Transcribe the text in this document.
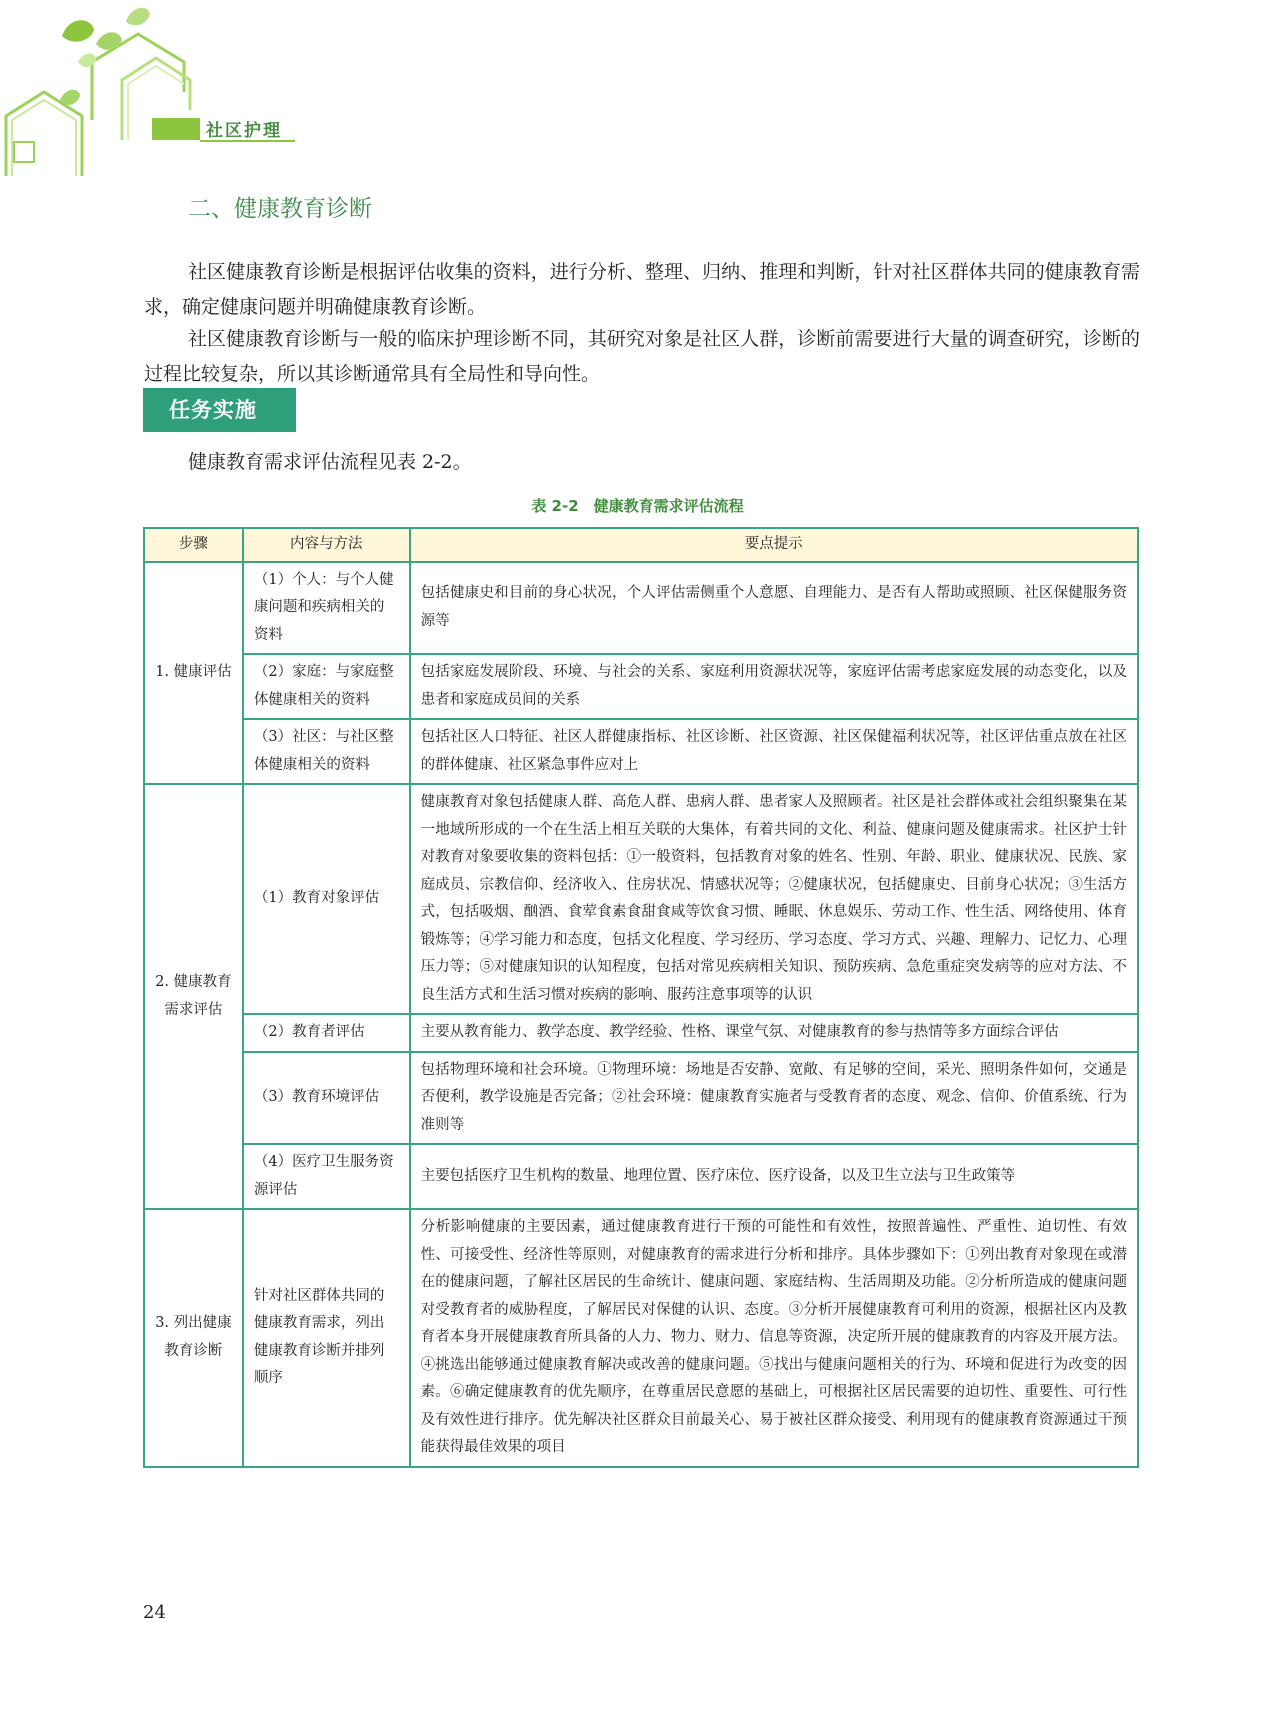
社区护理
二、健康教育诊断

社区健康教育诊断是根据评估收集的资料，进行分析、整理、归纳、推理和判断，针对社区群体共同的健康教育需求，确定健康问题并明确健康教育诊断。

社区健康教育诊断与一般的临床护理诊断不同，其研究对象是社区人群，诊断前需要进行大量的调查研究，诊断的过程比较复杂，所以其诊断通常具有全局性和导向性。

任务实施
健康教育需求评估流程见表 2-2。
表 2-2　健康教育需求评估流程
步骤	内容与方法	要点提示
1. 健康评估	（1）个人：与个人健康问题和疾病相关的资料	包括健康史和目前的身心状况，个人评估需侧重个人意愿、自理能力、是否有人帮助或照顾、社区保健服务资源等
	（2）家庭：与家庭整体健康相关的资料	包括家庭发展阶段、环境、与社会的关系、家庭利用资源状况等，家庭评估需考虑家庭发展的动态变化，以及患者和家庭成员间的关系
	（3）社区：与社区整体健康相关的资料	包括社区人口特征、社区人群健康指标、社区诊断、社区资源、社区保健福利状况等，社区评估重点放在社区的群体健康、社区紧急事件应对上
2. 健康教育需求评估	（1）教育对象评估	健康教育对象包括健康人群、高危人群、患病人群、患者家人及照顾者。社区是社会群体或社会组织聚集在某一地域所形成的一个在生活上相互关联的大集体，有着共同的文化、利益、健康问题及健康需求。社区护士针对教育对象要收集的资料包括：①一般资料，包括教育对象的姓名、性别、年龄、职业、健康状况、民族、家庭成员、宗教信仰、经济收入、住房状况、情感状况等；②健康状况，包括健康史、目前身心状况；③生活方式，包括吸烟、酗酒、食荤食素食甜食咸等饮食习惯、睡眠、休息娱乐、劳动工作、性生活、网络使用、体育锻炼等；④学习能力和态度，包括文化程度、学习经历、学习态度、学习方式、兴趣、理解力、记忆力、心理压力等；⑤对健康知识的认知程度，包括对常见疾病相关知识、预防疾病、急危重症突发病等的应对方法、不良生活方式和生活习惯对疾病的影响、服药注意事项等的认识
	（2）教育者评估	主要从教育能力、教学态度、教学经验、性格、课堂气氛、对健康教育的参与热情等多方面综合评估
	（3）教育环境评估	包括物理环境和社会环境。①物理环境：场地是否安静、宽敞、有足够的空间，采光、照明条件如何，交通是否便利，教学设施是否完备；②社会环境：健康教育实施者与受教育者的态度、观念、信仰、价值系统、行为准则等
	（4）医疗卫生服务资源评估	主要包括医疗卫生机构的数量、地理位置、医疗床位、医疗设备，以及卫生立法与卫生政策等
3. 列出健康教育诊断	针对社区群体共同的健康教育需求，列出健康教育诊断并排列顺序	分析影响健康的主要因素，通过健康教育进行干预的可能性和有效性，按照普遍性、严重性、迫切性、有效性、可接受性、经济性等原则，对健康教育的需求进行分析和排序。具体步骤如下：①列出教育对象现在或潜在的健康问题，了解社区居民的生命统计、健康问题、家庭结构、生活周期及功能。②分析所造成的健康问题对受教育者的威胁程度，了解居民对保健的认识、态度。③分析开展健康教育可利用的资源，根据社区内及教育者本身开展健康教育所具备的人力、物力、财力、信息等资源，决定所开展的健康教育的内容及开展方法。④挑选出能够通过健康教育解决或改善的健康问题。⑤找出与健康问题相关的行为、环境和促进行为改变的因素。⑥确定健康教育的优先顺序，在尊重居民意愿的基础上，可根据社区居民需要的迫切性、重要性、可行性及有效性进行排序。优先解决社区群众目前最关心、易于被社区群众接受、利用现有的健康教育资源通过干预能获得最佳效果的项目
24
